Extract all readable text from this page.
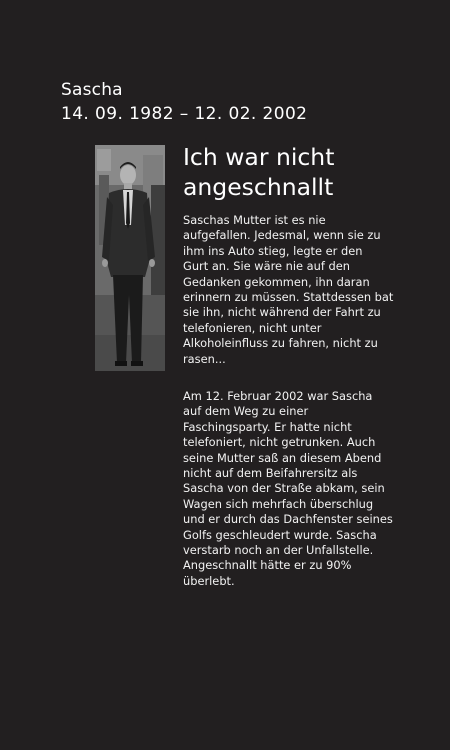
Sascha
14. 09. 1982 – 12. 02. 2002
Ich war nicht
angeschnallt
Saschas Mutter ist es nie
aufgefallen. Jedesmal, wenn sie zu
ihm ins Auto stieg, legte er den
Gurt an. Sie wäre nie auf den
Gedanken gekommen, ihn daran
erinnern zu müssen. Stattdessen bat
sie ihn, nicht während der Fahrt zu
telefonieren, nicht unter
Alkoholeinfluss zu fahren, nicht zu
rasen...
Am 12. Februar 2002 war Sascha
auf dem Weg zu einer
Faschingsparty. Er hatte nicht
telefoniert, nicht getrunken. Auch
seine Mutter saß an diesem Abend
nicht auf dem Beifahrersitz als
Sascha von der Straße abkam, sein
Wagen sich mehrfach überschlug
und er durch das Dachfenster seines
Golfs geschleudert wurde. Sascha
verstarb noch an der Unfallstelle.
Angeschnallt hätte er zu 90%
überlebt.
